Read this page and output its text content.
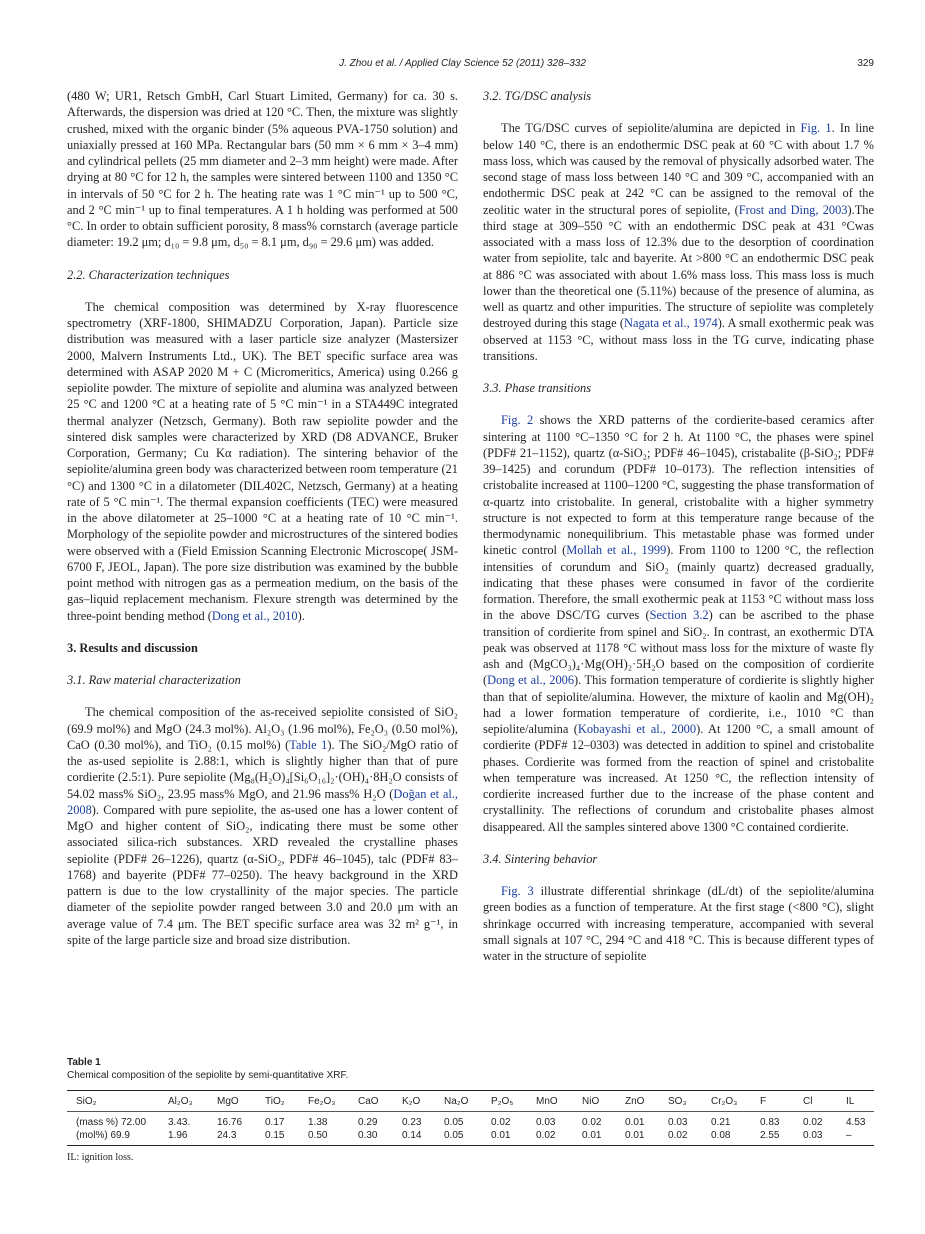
J. Zhou et al. / Applied Clay Science 52 (2011) 328–332	329

(480 W; UR1, Retsch GmbH, Carl Stuart Limited, Germany) for ca. 30 s. Afterwards, the dispersion was dried at 120 °C. Then, the mixture was slightly crushed, mixed with the organic binder (5% aqueous PVA-1750 solution) and uniaxially pressed at 160 MPa. Rectangular bars (50 mm × 6 mm × 3–4 mm) and cylindrical pellets (25 mm diameter and 2–3 mm height) were made. After drying at 80 °C for 12 h, the samples were sintered between 1100 and 1350 °C in intervals of 50 °C for 2 h. The heating rate was 1 °C min⁻¹ up to 500 °C, and 2 °C min⁻¹ up to final temperatures. A 1 h holding was performed at 500 °C. In order to obtain sufficient porosity, 8 mass% cornstarch (average particle diameter: 19.2 μm; d₁₀ = 9.8 μm, d₅₀ = 8.1 μm, d₉₀ = 29.6 μm) was added.

2.2. Characterization techniques

The chemical composition was determined by X-ray fluorescence spectrometry (XRF-1800, SHIMADZU Corporation, Japan). Particle size distribution was measured with a laser particle size analyzer (Mastersizer 2000, Malvern Instruments Ltd., UK). The BET specific surface area was determined with ASAP 2020 M + C (Micromeritics, America) using 0.266 g sepiolite powder. The mixture of sepiolite and alumina was analyzed between 25 °C and 1200 °C at a heating rate of 5 °C min⁻¹ in a STA449C integrated thermal analyzer (Netzsch, Germany). Both raw sepiolite powder and the sintered disk samples were characterized by XRD (D8 ADVANCE, Bruker Corporation, Germany; Cu Kα radiation). The sintering behavior of the sepiolite/alumina green body was characterized between room temperature (21 °C) and 1300 °C in a dilatometer (DIL402C, Netzsch, Germany) at a heating rate of 5 °C min⁻¹. The thermal expansion coefficients (TEC) were measured in the above dilatometer at 25–1000 °C at a heating rate of 10 °C min⁻¹. Morphology of the sepiolite powder and microstructures of the sintered bodies were observed with a (Field Emission Scanning Electronic Microscope( JSM-6700 F, JEOL, Japan). The pore size distribution was examined by the bubble point method with nitrogen gas as a permeation medium, on the basis of the gas–liquid replacement mechanism. Flexure strength was determined by the three-point bending method (Dong et al., 2010).

3. Results and discussion
3.1. Raw material characterization

The chemical composition of the as-received sepiolite consisted of SiO₂ (69.9 mol%) and MgO (24.3 mol%). Al₂O₃ (1.96 mol%), Fe₂O₃ (0.50 mol%), CaO (0.30 mol%), and TiO₂ (0.15 mol%) (Table 1). The SiO₂/MgO ratio of the as-used sepiolite is 2.88:1, which is slightly higher than that of pure cordierite (2.5:1). Pure sepiolite (Mg₈(H₂O)₄[Si₆O₁₆]₂·(OH)₄·8H₂O consists of 54.02 mass% SiO₂, 23.95 mass% MgO, and 21.96 mass% H₂O (Doğan et al., 2008). Compared with pure sepiolite, the as-used one has a lower content of MgO and higher content of SiO₂, indicating there must be some other associated silica-rich substances. XRD revealed the crystalline phases sepiolite (PDF# 26–1226), quartz (α-SiO₂, PDF# 46–1045), talc (PDF# 83–1768) and bayerite (PDF# 77–0250). The heavy background in the XRD pattern is due to the low crystallinity of the major species. The particle diameter of the sepiolite powder ranged between 3.0 and 20.0 μm with an average value of 7.4 μm. The BET specific surface area was 32 m² g⁻¹, in spite of the large particle size and broad size distribution.

3.2. TG/DSC analysis

The TG/DSC curves of sepiolite/alumina are depicted in Fig. 1. In line below 140 °C, there is an endothermic DSC peak at 60 °C with about 1.7 % mass loss, which was caused by the removal of physically adsorbed water. The second stage of mass loss between 140 °C and 309 °C, accompanied with an endothermic DSC peak at 242 °C can be assigned to the removal of the zeolitic water in the structural pores of sepiolite, (Frost and Ding, 2003).The third stage at 309–550 °C with an endothermic DSC peak at 431 °Cwas associated with a mass loss of 12.3% due to the desorption of coordination water from sepiolite, talc and bayerite. At >800 °C an endothermic DSC peak at 886 °C was associated with about 1.6% mass loss. This mass loss is much lower than the theoretical one (5.11%) because of the presence of alumina, as well as quartz and other impurities. The structure of sepiolite was completely destroyed during this stage (Nagata et al., 1974). A small exothermic peak was observed at 1153 °C, without mass loss in the TG curve, indicating phase transitions.

3.3. Phase transitions

Fig. 2 shows the XRD patterns of the cordierite-based ceramics after sintering at 1100 °C–1350 °C for 2 h. At 1100 °C, the phases were spinel (PDF# 21–1152), quartz (α-SiO₂; PDF# 46–1045), cristabalite (β-SiO₂; PDF# 39–1425) and corundum (PDF# 10–0173). The reflection intensities of cristobalite increased at 1100–1200 °C, suggesting the phase transformation of α-quartz into cristobalite. In general, cristobalite with a higher symmetry structure is not expected to form at this temperature range because of the thermodynamic nonequilibrium. This metastable phase was formed under kinetic control (Mollah et al., 1999). From 1100 to 1200 °C, the reflection intensities of corundum and SiO₂ (mainly quartz) decreased gradually, indicating that these phases were consumed in favor of the cordierite formation. Therefore, the small exothermic peak at 1153 °C without mass loss in the above DSC/TG curves (Section 3.2) can be ascribed to the phase transition of cordierite from spinel and SiO₂. In contrast, an exothermic DTA peak was observed at 1178 °C without mass loss for the mixture of waste fly ash and (MgCO₃)₄·Mg(OH)₂·5H₂O based on the composition of cordierite (Dong et al., 2006). This formation temperature of cordierite is slightly higher than that of sepiolite/alumina. However, the mixture of kaolin and Mg(OH)₂ had a lower formation temperature of cordierite, i.e., 1010 °C than sepiolite/alumina (Kobayashi et al., 2000). At 1200 °C, a small amount of cordierite (PDF# 12–0303) was detected in addition to spinel and cristobalite phases. Cordierite was formed from the reaction of spinel and cristobalite when temperature was increased. At 1250 °C, the reflection intensity of cordierite increased further due to the increase of the phase content and crystallinity. The reflections of corundum and cristobalite phases almost disappeared. All the samples sintered above 1300 °C contained cordierite.

3.4. Sintering behavior

Fig. 3 illustrate differential shrinkage (dL/dt) of the sepiolite/alumina green bodies as a function of temperature. At the first stage (<800 °C), slight shrinkage occurred with increasing temperature, accompanied with several small signals at 107 °C, 294 °C and 418 °C. This is because different types of water in the structure of sepiolite

Table 1
Chemical composition of the sepiolite by semi-quantitative XRF.
SiO₂	Al₂O₃ MgO	TiO₂ Fe₂O₃ CaO K₂O Na₂O P₂O₅ MnO NiO	ZnO SO₃ Cr₂O₃ F	Cl	IL
(mass %) 72.00 3.43.	16.76 0.17 1.38	0.29 0.23 0.05	0.02	0.03	0.02 0.01 0.03 0.21	0.83 0.02 4.53
(mol%) 69.9	1.96	24.3	0.15 0.50	0.30 0.14 0.05	0.01	0.02	0.01 0.01 0.02 0.08	2.55 0.03 –
IL: ignition loss.
